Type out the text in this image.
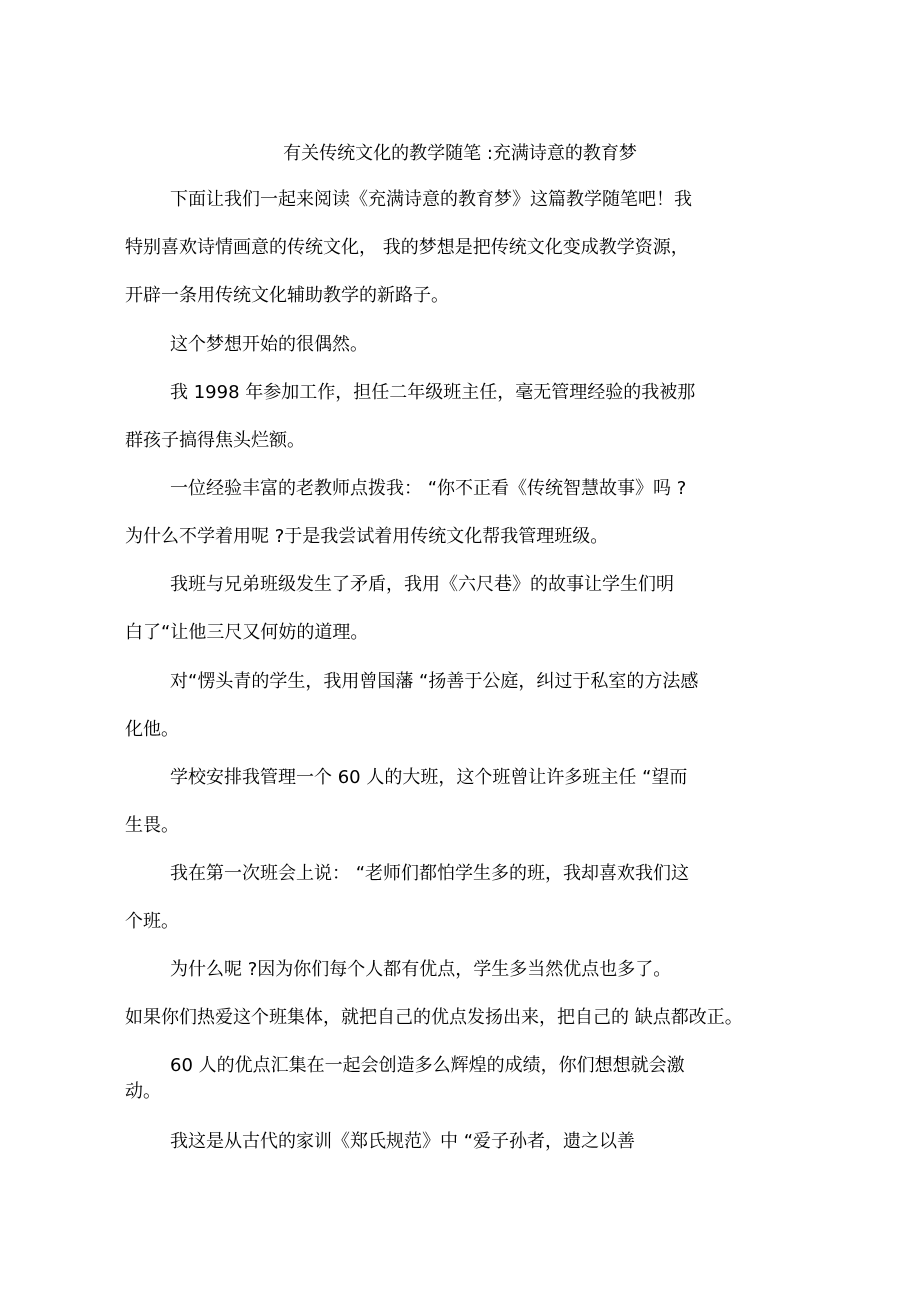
有关传统文化的教学随笔 :充满诗意的教育梦
下面让我们一起来阅读《充满诗意的教育梦》这篇教学随笔吧！我
特别喜欢诗情画意的传统文化， 我的梦想是把传统文化变成教学资源，
开辟一条用传统文化辅助教学的新路子。
这个梦想开始的很偶然。
我 1998 年参加工作，担任二年级班主任，毫无管理经验的我被那
群孩子搞得焦头烂额。
一位经验丰富的老教师点拨我： “你不正看《传统智慧故事》吗 ?
为什么不学着用呢 ?于是我尝试着用传统文化帮我管理班级。
我班与兄弟班级发生了矛盾，我用《六尺巷》的故事让学生们明
白了“让他三尺又何妨的道理。
对“愣头青的学生，我用曾国藩 “扬善于公庭，纠过于私室的方法感
化他。
学校安排我管理一个 60 人的大班，这个班曾让许多班主任 “望而
生畏。
我在第一次班会上说： “老师们都怕学生多的班，我却喜欢我们这
个班。
为什么呢 ?因为你们每个人都有优点，学生多当然优点也多了。
如果你们热爱这个班集体，就把自己的优点发扬出来，把自己的 缺点都改正。
60 人的优点汇集在一起会创造多么辉煌的成绩，你们想想就会激
动。
我这是从古代的家训《郑氏规范》中 “爱子孙者，遗之以善
